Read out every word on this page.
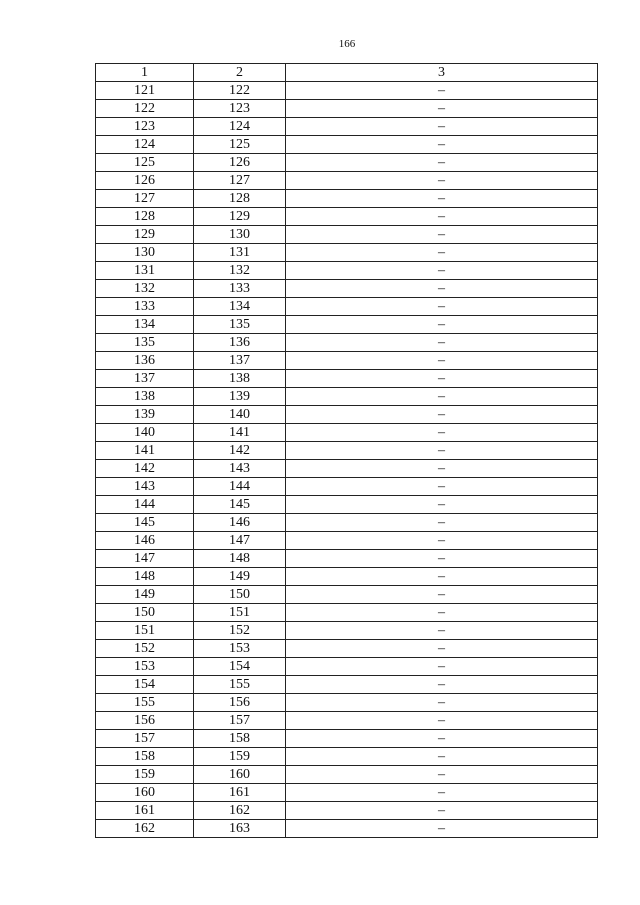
166
1	2	3
121	122	–
122	123	–
123	124	–
124	125	–
125	126	–
126	127	–
127	128	–
128	129	–
129	130	–
130	131	–
131	132	–
132	133	–
133	134	–
134	135	–
135	136	–
136	137	–
137	138	–
138	139	–
139	140	–
140	141	–
141	142	–
142	143	–
143	144	–
144	145	–
145	146	–
146	147	–
147	148	–
148	149	–
149	150	–
150	151	–
151	152	–
152	153	–
153	154	–
154	155	–
155	156	–
156	157	–
157	158	–
158	159	–
159	160	–
160	161	–
161	162	–
162	163	–
